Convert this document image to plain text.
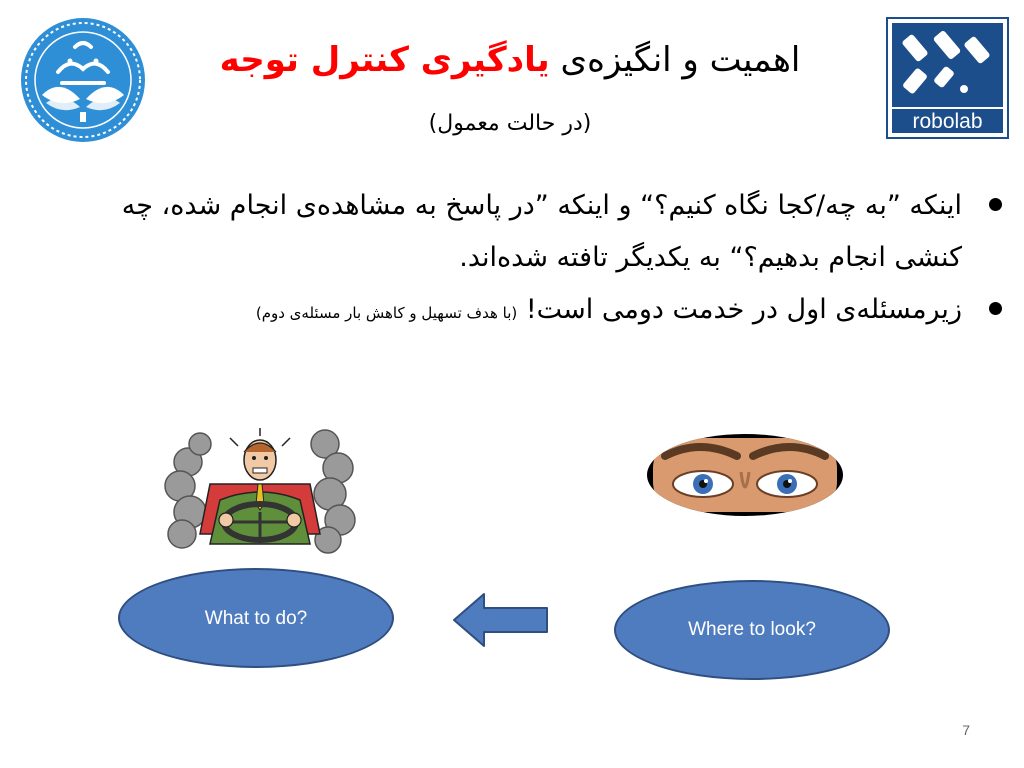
robolab
اهمیت و انگیزه‌ی یادگیری کنترل توجه
(در حالت معمول)
اینکه ”به چه/کجا نگاه کنیم؟“ و اینکه ”در پاسخ به مشاهده‌ی انجام شده، چه کنشی انجام بدهیم؟“ به یکدیگر تافته شده‌اند.
زیرمسئله‌ی اول در خدمت دومی است! (با هدف تسهیل و کاهش بار مسئله‌ی دوم)
What to do?
Where to look?
7
